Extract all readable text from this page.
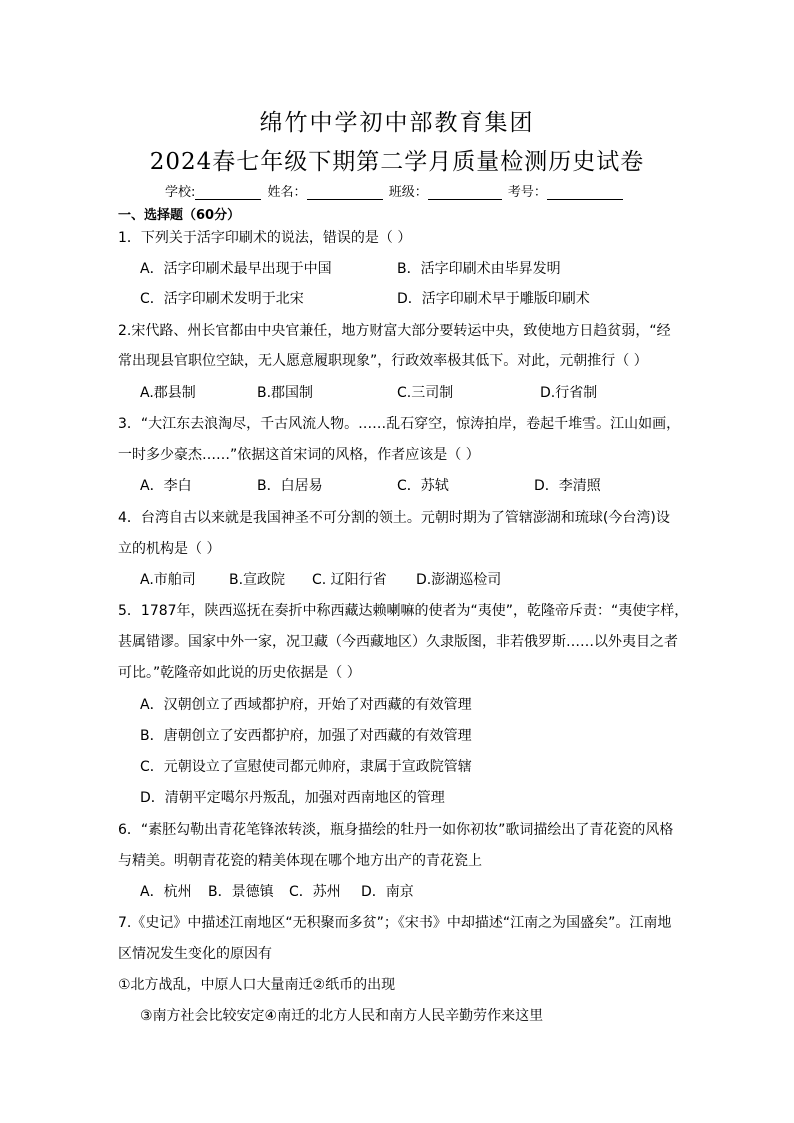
绵竹中学初中部教育集团
2024春七年级下期第二学月质量检测历史试卷
学校:	姓名：	班级：	考号：
一、选择题（60分）
1．下列关于活字印刷术的说法，错误的是（ ）
A．活字印刷术最早出现于中国	B．活字印刷术由毕昇发明
C．活字印刷术发明于北宋	D．活字印刷术早于雕版印刷术
2.宋代路、州长官都由中央官兼任，地方财富大部分要转运中央，致使地方日趋贫弱，“经
常出现县官职位空缺，无人愿意履职现象”，行政效率极其低下。对此，元朝推行（ ）
A.郡县制	B.郡国制	C.三司制	D.行省制
3．“大江东去浪淘尽，千古风流人物。……乱石穿空，惊涛拍岸，卷起千堆雪。江山如画，
一时多少豪杰……”依据这首宋词的风格，作者应该是（ ）
A．李白	B．白居易	C．苏轼	D．李清照
4．台湾自古以来就是我国神圣不可分割的领土。元朝时期为了管辖澎湖和琉球(今台湾)设
立的机构是（ ）
A.市舶司 B.宣政院 C. 辽阳行省 D.澎湖巡检司
5．1787年，陕西巡抚在奏折中称西藏达赖喇嘛的使者为“夷使”，乾隆帝斥责：“夷使字样，
甚属错谬。国家中外一家，况卫藏（今西藏地区）久隶版图，非若俄罗斯……以外夷目之者
可比。”乾隆帝如此说的历史依据是（ ）
A．汉朝创立了西域都护府，开始了对西藏的有效管理
B．唐朝创立了安西都护府，加强了对西藏的有效管理
C．元朝设立了宣慰使司都元帅府，隶属于宣政院管辖
D．清朝平定噶尔丹叛乱，加强对西南地区的管理
6．“素胚勾勒出青花笔锋浓转淡，瓶身描绘的牡丹一如你初妆”歌词描绘出了青花瓷的风格
与精美。明朝青花瓷的精美体现在哪个地方出产的青花瓷上
A．杭州 B．景德镇 C．苏州 D．南京
7.《史记》中描述江南地区“无积聚而多贫”；《宋书》中却描述“江南之为国盛矣”。江南地
区情况发生变化的原因有
①北方战乱，中原人口大量南迁②纸币的出现
③南方社会比较安定④南迁的北方人民和南方人民辛勤劳作来这里
